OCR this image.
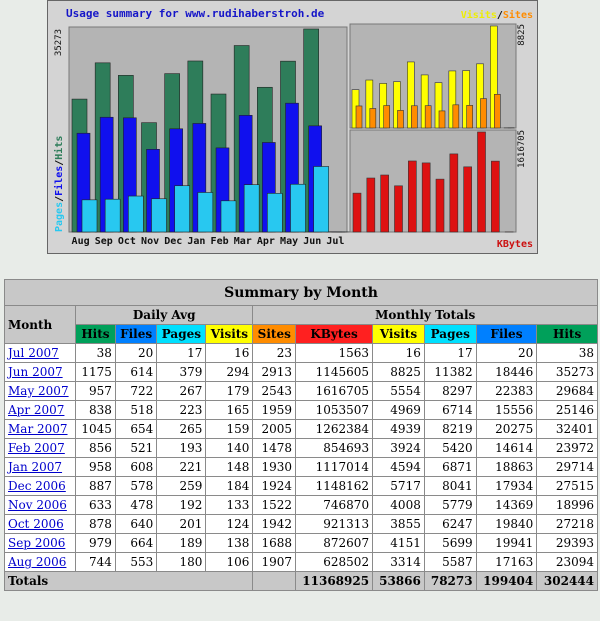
Usage summary for www.rudihaberstroh.de
Aug Sep Oct Nov Dec Jan Feb Mar Apr May Jun Jul
35273
Pages/Files/Hits
8825
Visits/Sites
1616705
KBytes
Summary by Month										
Month	Daily Avg				Monthly Totals					
	Hits	Files	Pages	Visits	Sites	KBytes	Visits	Pages	Files	Hits
Jul 2007	38	20	17	16	23	1563	16	17	20	38
Jun 2007	1175	614	379	294	2913	1145605	8825	11382	18446	35273
May 2007	957	722	267	179	2543	1616705	5554	8297	22383	29684
Apr 2007	838	518	223	165	1959	1053507	4969	6714	15556	25146
Mar 2007	1045	654	265	159	2005	1262384	4939	8219	20275	32401
Feb 2007	856	521	193	140	1478	854693	3924	5420	14614	23972
Jan 2007	958	608	221	148	1930	1117014	4594	6871	18863	29714
Dec 2006	887	578	259	184	1924	1148162	5717	8041	17934	27515
Nov 2006	633	478	192	133	1522	746870	4008	5779	14369	18996
Oct 2006	878	640	201	124	1942	921313	3855	6247	19840	27218
Sep 2006	979	664	189	138	1688	872607	4151	5699	19941	29393
Aug 2006	744	553	180	106	1907	628502	3314	5587	17163	23094
Totals						11368925	53866	78273	199404	302444
